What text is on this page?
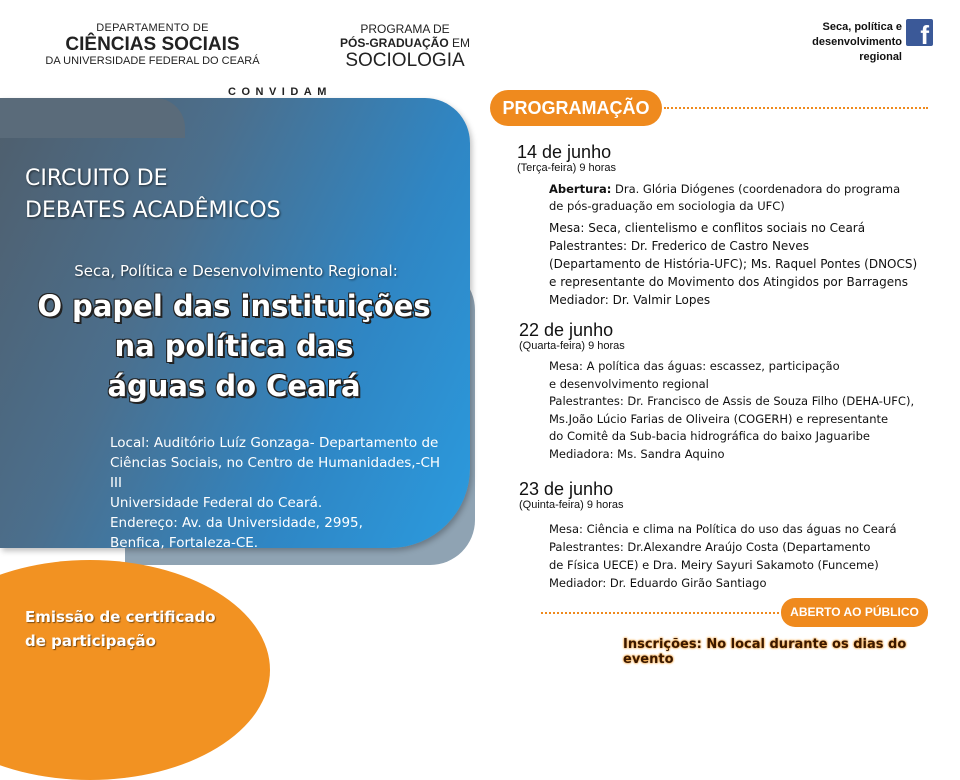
DEPARTAMENTO DE
CIÊNCIAS SOCIAIS
DA UNIVERSIDADE FEDERAL DO CEARÁ
PROGRAMA DE
PÓS-GRADUAÇÃO EM
SOCIOLOGIA
CONVIDAM
Seca, política e
desenvolvimento regional
f
CIRCUITO DE
DEBATES ACADÊMICOS
Seca, Política e Desenvolvimento Regional:
O papel das instituições
na política das
águas do Ceará
Local: Auditório Luíz Gonzaga- Departamento de
Ciências Sociais, no Centro de Humanidades,-CH III
Universidade Federal do Ceará.
Endereço: Av. da Universidade, 2995,
Benfica, Fortaleza-CE.
Emissão de certificado
de participação
PROGRAMAÇÃO
14 de junho
(Terça-feira) 9 horas
Abertura: Dra. Glória Diógenes (coordenadora do programa
de pós-graduação em sociologia da UFC)
Mesa: Seca, clientelismo e conflitos sociais no Ceará
Palestrantes: Dr. Frederico de Castro Neves
(Departamento de História-UFC); Ms. Raquel Pontes (DNOCS)
e representante do Movimento dos Atingidos por Barragens
Mediador: Dr. Valmir Lopes
22 de junho
(Quarta-feira) 9 horas
Mesa: A política das águas: escassez, participação
e desenvolvimento regional
Palestrantes: Dr. Francisco de Assis de Souza Filho (DEHA-UFC),
Ms.João Lúcio Farias de Oliveira (COGERH) e representante
do Comitê da Sub-bacia hidrográfica do baixo Jaguaribe
Mediadora: Ms. Sandra Aquino
23 de junho
(Quinta-feira) 9 horas
Mesa: Ciência e clima na Política do uso das águas no Ceará
Palestrantes: Dr.Alexandre Araújo Costa (Departamento
de Física UECE) e Dra. Meiry Sayuri Sakamoto (Funceme)
Mediador: Dr. Eduardo Girão Santiago
ABERTO AO PÚBLICO
Inscrições: No local durante os dias do evento
